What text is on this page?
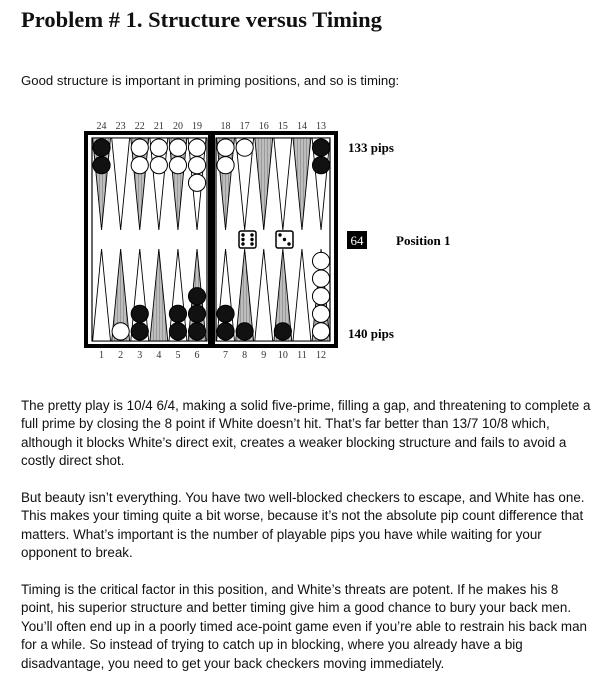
Problem # 1. Structure versus Timing

Good structure is important in priming positions, and so is timing:

24 23 22 21 20 19 18 17 16 15 14 13
1 2 3 4 5 6 7 8 9 10 11 12
64	Position 1
133 pips
140 pips

The pretty play is 10/4 6/4, making a solid five-prime, filling a gap, and threatening to complete a full prime by closing the 8 point if White doesn’t hit. That’s far better than 13/7 10/8 which, although it blocks White’s direct exit, creates a weaker blocking structure and fails to avoid a costly direct shot.

But beauty isn’t everything. You have two well-blocked checkers to escape, and White has one. This makes your timing quite a bit worse, because it’s not the absolute pip count difference that matters. What’s important is the number of playable pips you have while waiting for your opponent to break.

Timing is the critical factor in this position, and White’s threats are potent. If he makes his 8 point, his superior structure and better timing give him a good chance to bury your back men. You’ll often end up in a poorly timed ace-point game even if you’re able to restrain his back man for a while. So instead of trying to catch up in blocking, where you already have a big disadvantage, you need to get your back checkers moving immediately.
